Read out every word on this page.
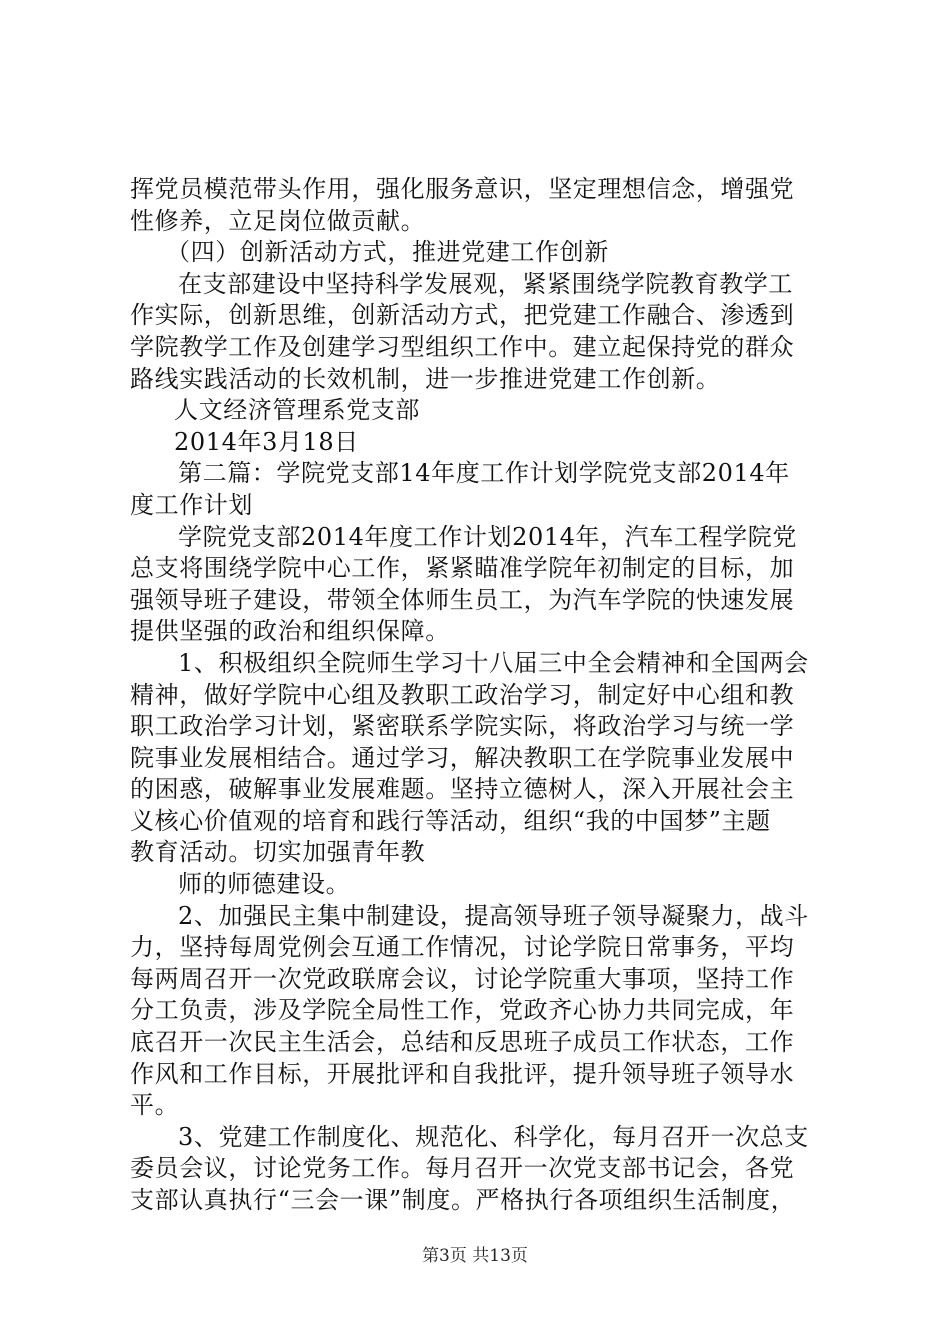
挥党员模范带头作用，强化服务意识，坚定理想信念，增强党
性修养，立足岗位做贡献。
（四）创新活动方式，推进党建工作创新
在支部建设中坚持科学发展观，紧紧围绕学院教育教学工
作实际，创新思维，创新活动方式，把党建工作融合、渗透到
学院教学工作及创建学习型组织工作中。建立起保持党的群众
路线实践活动的长效机制，进一步推进党建工作创新。
人文经济管理系党支部
2014年3月18日
第二篇：学院党支部14年度工作计划学院党支部2014年
度工作计划
学院党支部2014年度工作计划2014年，汽车工程学院党
总支将围绕学院中心工作，紧紧瞄准学院年初制定的目标，加
强领导班子建设，带领全体师生员工，为汽车学院的快速发展
提供坚强的政治和组织保障。
1、积极组织全院师生学习十八届三中全会精神和全国两会
精神，做好学院中心组及教职工政治学习，制定好中心组和教
职工政治学习计划，紧密联系学院实际，将政治学习与统一学
院事业发展相结合。通过学习，解决教职工在学院事业发展中
的困惑，破解事业发展难题。坚持立德树人，深入开展社会主
义核心价值观的培育和践行等活动，组织“我的中国梦”主题
教育活动。切实加强青年教
师的师德建设。
2、加强民主集中制建设，提高领导班子领导凝聚力，战斗
力，坚持每周党例会互通工作情况，讨论学院日常事务，平均
每两周召开一次党政联席会议，讨论学院重大事项，坚持工作
分工负责，涉及学院全局性工作，党政齐心协力共同完成，年
底召开一次民主生活会，总结和反思班子成员工作状态，工作
作风和工作目标，开展批评和自我批评，提升领导班子领导水
平。
3、党建工作制度化、规范化、科学化，每月召开一次总支
委员会议，讨论党务工作。每月召开一次党支部书记会，各党
支部认真执行“三会一课”制度。严格执行各项组织生活制度，
第3页 共13页
